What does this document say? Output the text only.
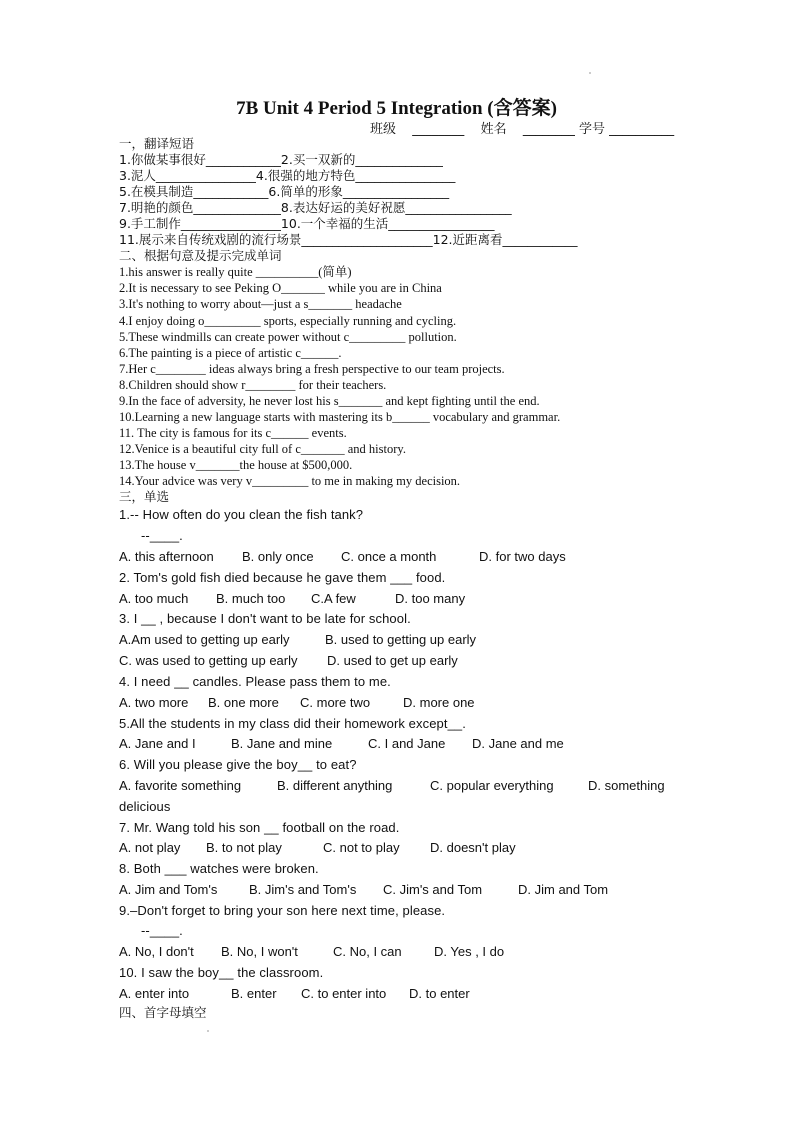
7B Unit 4 Period 5 Integration (含答案)
班级 ________ 姓名 ________ 学号 __________
一，翻译短语
1.你做某事很好____________2.买一双新的______________
3.泥人________________4.很强的地方特色________________
5.在模具制造____________6.简单的形象_________________
7.明艳的颜色______________8.表达好运的美好祝愿_________________
9.手工制作________________10.一个幸福的生活_________________
11.展示来自传统戏剧的流行场景_____________________12.近距离看____________
二、根据句意及提示完成单词
1.his answer is really quite __________(简单)
2.It is necessary to see Peking O_______ while you are in China
3.It's nothing to worry about—just a s_______ headache
4.I enjoy doing o_________ sports, especially running and cycling.
5.These windmills can create power without c_________ pollution.
6.The painting is a piece of artistic c______.
7.Her c________ ideas always bring a fresh perspective to our team projects.
8.Children should show r________ for their teachers.
9.In the face of adversity, he never lost his s_______ and kept fighting until the end.
10.Learning a new language starts with mastering its b______ vocabulary and grammar.
11. The city is famous for its c______ events.
12.Venice is a beautiful city full of c_______ and history.
13.The house v_______the house at $500,000.
14.Your advice was very v_________ to me in making my decision.
三，单选
1.-- How often do you clean the fish tank?
--____.
A. this afternoon B. only once C. once a month	D. for two days
2. Tom's gold fish died because he gave them ___ food.
A. too much B. much too C.A few	D. too many
3. I __ , because I don't want to be late for school.
A.Am used to getting up early	B. used to getting up early
C. was used to getting up early D. used to get up early
4. I need __ candles. Please pass them to me.
A. two more B. one more C. more two	D. more one
5.All the students in my class did their homework except__.
A. Jane and I	B. Jane and mine	C. I and Jane D. Jane and me
6. Will you please give the boy__ to eat?
A. favorite something	B. different anything	C. popular everything	D. something
delicious
7. Mr. Wang told his son __ football on the road.
A. not play B. to not play	C. not to play D. doesn't play
8. Both ___ watches were broken.
A. Jim and Tom's B. Jim's and Tom's C. Jim's and Tom	D. Jim and Tom
9.–Don't forget to bring your son here next time, please.
--____.
A. No, I don't B. No, I won't	C. No, I can D. Yes , I do
10. I saw the boy__ the classroom.
A. enter into	B. enter C. to enter into D. to enter
四、首字母填空
